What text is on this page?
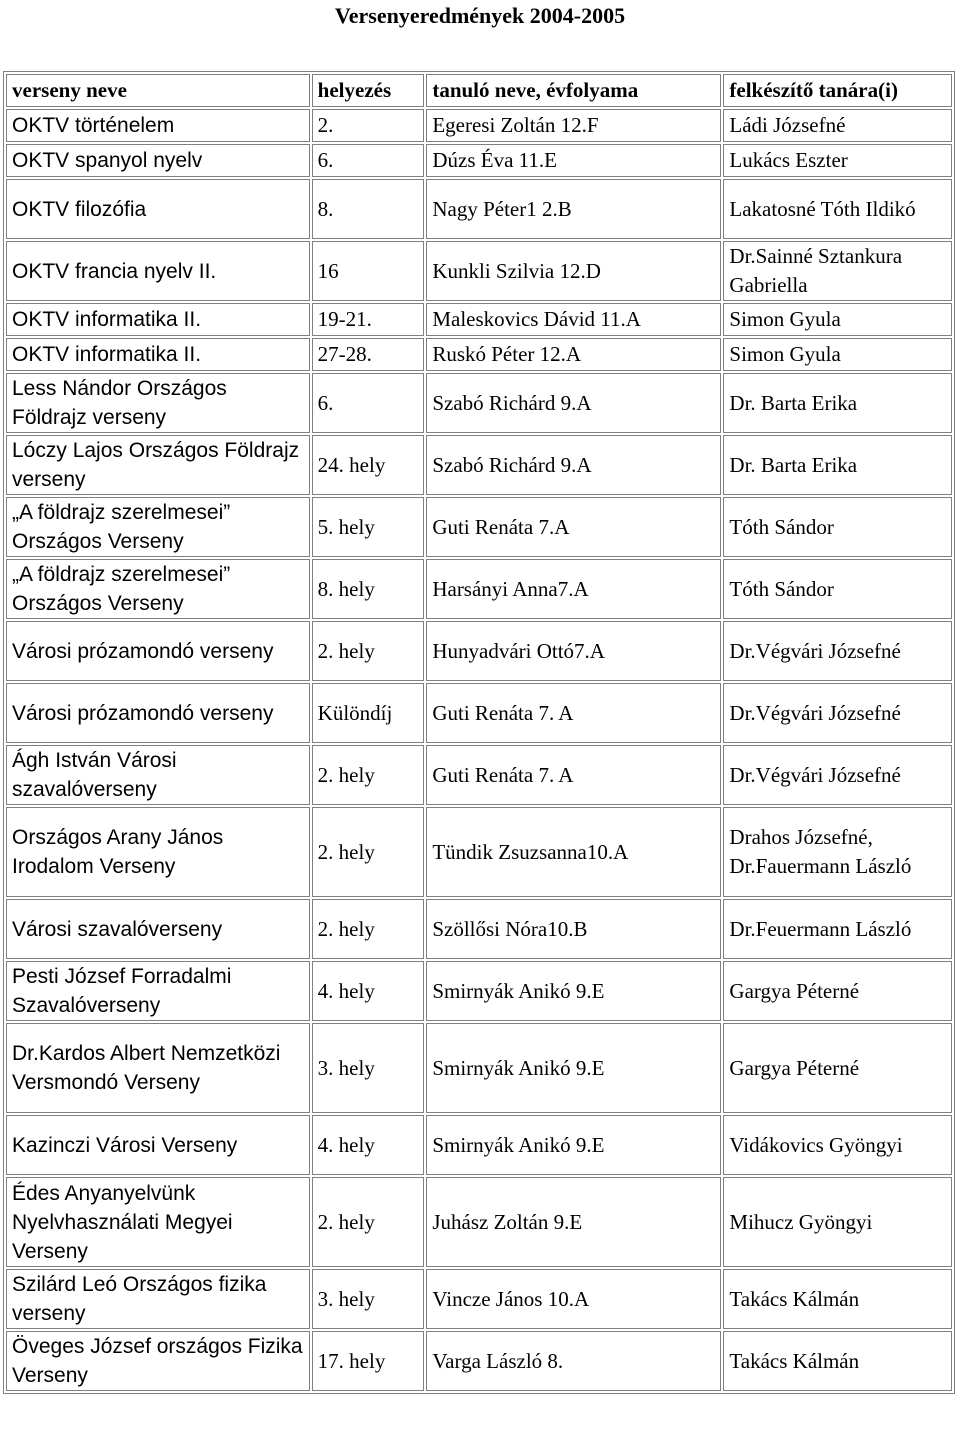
Versenyeredmények 2004-2005
verseny neve	helyezés	tanuló neve, évfolyama	felkészítő tanára(i)
OKTV történelem	2.	Egeresi Zoltán 12.F	Ládi Józsefné
OKTV spanyol nyelv	6.	Dúzs Éva 11.E	Lukács Eszter
OKTV filozófia	8.	Nagy Péter1 2.B	Lakatosné Tóth Ildikó
OKTV francia nyelv II.	16	Kunkli Szilvia 12.D	Dr.Sainné Sztankura Gabriella
OKTV informatika II.	19-21.	Maleskovics Dávid 11.A	Simon Gyula
OKTV informatika II.	27-28.	Ruskó Péter 12.A	Simon Gyula
Less Nándor Országos Földrajz verseny	6.	Szabó Richárd 9.A	Dr. Barta Erika
Lóczy Lajos Országos Földrajz verseny	24. hely	Szabó Richárd 9.A	Dr. Barta Erika
„A földrajz szerelmesei” Országos Verseny	5. hely	Guti Renáta 7.A	Tóth Sándor
„A földrajz szerelmesei” Országos Verseny	8. hely	Harsányi Anna7.A	Tóth Sándor
Városi prózamondó verseny	2. hely	Hunyadvári Ottó7.A	Dr.Végvári Józsefné
Városi prózamondó verseny	Különdíj	Guti Renáta 7. A	Dr.Végvári Józsefné
Ágh István Városi szavalóverseny	2. hely	Guti Renáta 7. A	Dr.Végvári Józsefné
Országos Arany János Irodalom Verseny	2. hely	Tündik Zsuzsanna10.A	Drahos Józsefné, Dr.Fauermann László
Városi szavalóverseny	2. hely	Szöllősi Nóra10.B	Dr.Feuermann László
Pesti József Forradalmi Szavalóverseny	4. hely	Smirnyák Anikó 9.E	Gargya Péterné
Dr.Kardos Albert Nemzetközi Versmondó Verseny	3. hely	Smirnyák Anikó 9.E	Gargya Péterné
Kazinczi Városi Verseny	4. hely	Smirnyák Anikó 9.E	Vidákovics Gyöngyi
Édes Anyanyelvünk Nyelvhasználati Megyei Verseny	2. hely	Juhász Zoltán 9.E	Mihucz Gyöngyi
Szilárd Leó Országos fizika verseny	3. hely	Vincze János 10.A	Takács Kálmán
Öveges József országos Fizika Verseny	17. hely	Varga László 8.	Takács Kálmán
